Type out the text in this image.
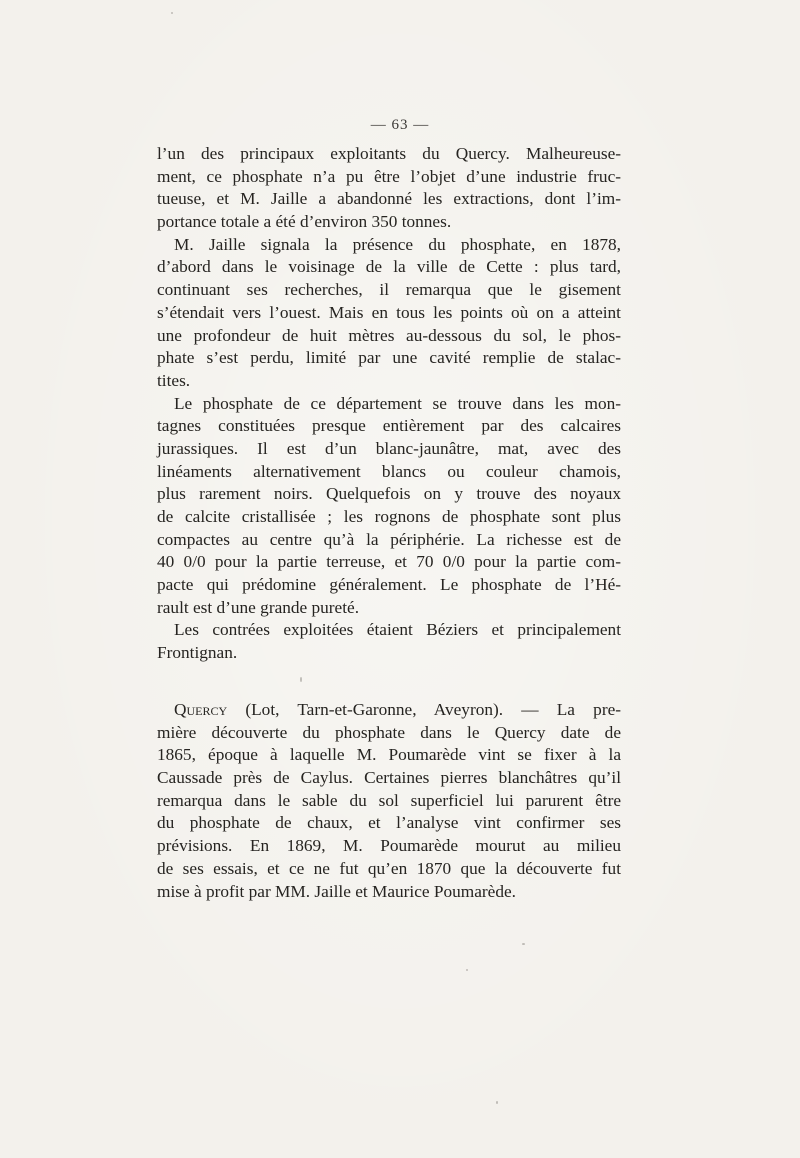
— 63 —
l’un des principaux exploitants du Quercy. Malheureuse-
ment, ce phosphate n’a pu être l’objet d’une industrie fruc-
tueuse, et M. Jaille a abandonné les extractions, dont l’im-
portance totale a été d’environ 350 tonnes.
M. Jaille signala la présence du phosphate, en 1878,
d’abord dans le voisinage de la ville de Cette : plus tard,
continuant ses recherches, il remarqua que le gisement
s’étendait vers l’ouest. Mais en tous les points où on a atteint
une profondeur de huit mètres au-dessous du sol, le phos-
phate s’est perdu, limité par une cavité remplie de stalac-
tites.
Le phosphate de ce département se trouve dans les mon-
tagnes constituées presque entièrement par des calcaires
jurassiques. Il est d’un blanc-jaunâtre, mat, avec des
linéaments alternativement blancs ou couleur chamois,
plus rarement noirs. Quelquefois on y trouve des noyaux
de calcite cristallisée ; les rognons de phosphate sont plus
compactes au centre qu’à la périphérie. La richesse est de
40 0/0 pour la partie terreuse, et 70 0/0 pour la partie com-
pacte qui prédomine généralement. Le phosphate de l’Hé-
rault est d’une grande pureté.
Les contrées exploitées étaient Béziers et principalement
Frontignan.
Quercy (Lot, Tarn-et-Garonne, Aveyron). — La pre-
mière découverte du phosphate dans le Quercy date de
1865, époque à laquelle M. Poumarède vint se fixer à la
Caussade près de Caylus. Certaines pierres blanchâtres qu’il
remarqua dans le sable du sol superficiel lui parurent être
du phosphate de chaux, et l’analyse vint confirmer ses
prévisions. En 1869, M. Poumarède mourut au milieu
de ses essais, et ce ne fut qu’en 1870 que la découverte fut
mise à profit par MM. Jaille et Maurice Poumarède.
